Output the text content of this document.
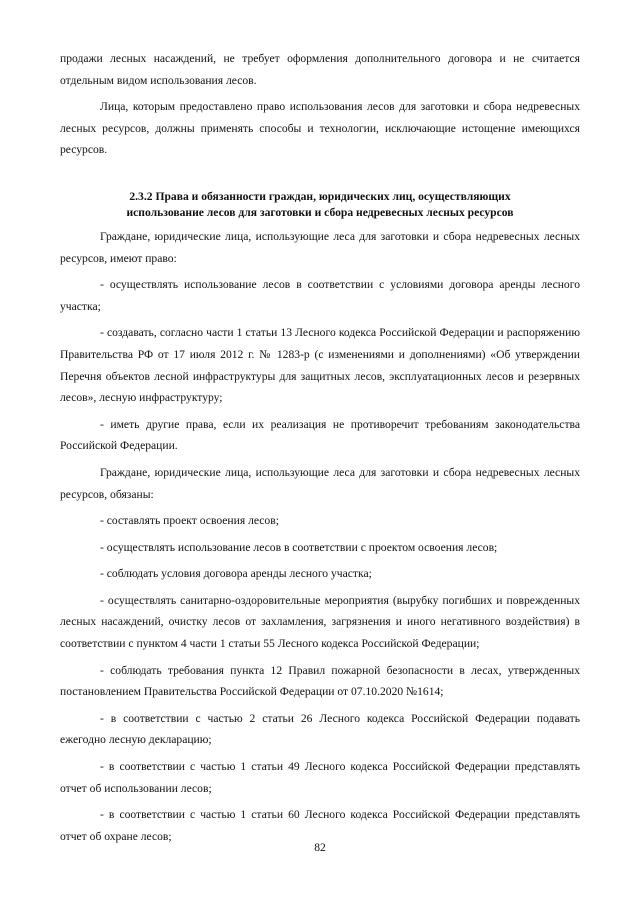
продажи лесных насаждений, не требует оформления дополнительного договора и не считается отдельным видом использования лесов.

Лица, которым предоставлено право использования лесов для заготовки и сбора недревесных лесных ресурсов, должны применять способы и технологии, исключающие истощение имеющихся ресурсов.

2.3.2 Права и обязанности граждан, юридических лиц, осуществляющих использование лесов для заготовки и сбора недревесных лесных ресурсов

Граждане, юридические лица, использующие леса для заготовки и сбора недревесных лесных ресурсов, имеют право:

- осуществлять использование лесов в соответствии с условиями договора аренды лесного участка;

- создавать, согласно части 1 статьи 13 Лесного кодекса Российской Федерации и распоряжению Правительства РФ от 17 июля 2012 г. № 1283-р (с изменениями и дополнениями) «Об утверждении Перечня объектов лесной инфраструктуры для защитных лесов, эксплуатационных лесов и резервных лесов», лесную инфраструктуру;

- иметь другие права, если их реализация не противоречит требованиям законодательства Российской Федерации.

Граждане, юридические лица, использующие леса для заготовки и сбора недревесных лесных ресурсов, обязаны:

- составлять проект освоения лесов;

- осуществлять использование лесов в соответствии с проектом освоения лесов;

- соблюдать условия договора аренды лесного участка;

- осуществлять санитарно-оздоровительные мероприятия (вырубку погибших и поврежденных лесных насаждений, очистку лесов от захламления, загрязнения и иного негативного воздействия) в соответствии с пунктом 4 части 1 статьи 55 Лесного кодекса Российской Федерации;

- соблюдать требования пункта 12 Правил пожарной безопасности в лесах, утвержденных постановлением Правительства Российской Федерации от 07.10.2020 №1614;

- в соответствии с частью 2 статьи 26 Лесного кодекса Российской Федерации подавать ежегодно лесную декларацию;

- в соответствии с частью 1 статьи 49 Лесного кодекса Российской Федерации представлять отчет об использовании лесов;

- в соответствии с частью 1 статьи 60 Лесного кодекса Российской Федерации представлять отчет об охране лесов;

82
